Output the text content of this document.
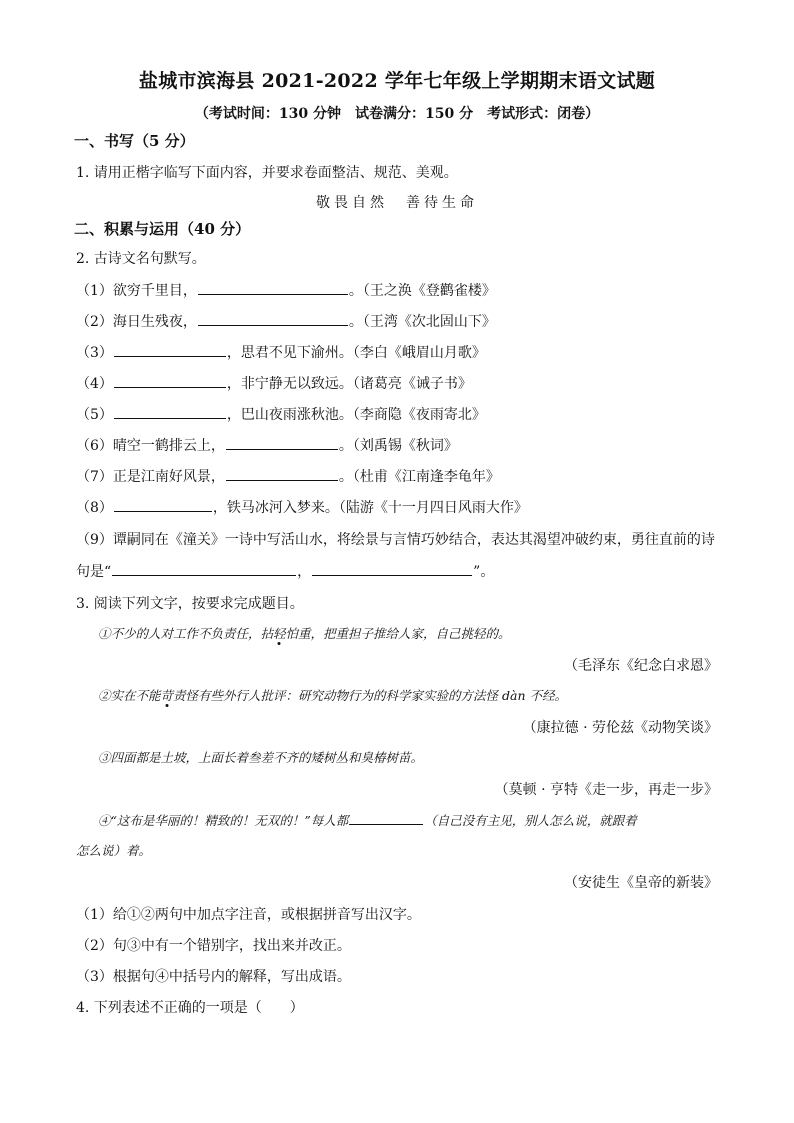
盐城市滨海县 2021-2022 学年七年级上学期期末语文试题
（考试时间：130 分钟　试卷满分：150 分　考试形式：闭卷）
一、书写（5 分）
1. 请用正楷字临写下面内容，并要求卷面整洁、规范、美观。
敬畏自然　善待生命
二、积累与运用（40 分）
2. 古诗文名句默写。
（1）欲穷千里目，	。（王之涣《登鹳雀楼》
（2）海日生残夜，	。（王湾《次北固山下》
（3）	，思君不见下渝州。（李白《峨眉山月歌》
（4）	，非宁静无以致远。（诸葛亮《诫子书》
（5）	，巴山夜雨涨秋池。（李商隐《夜雨寄北》
（6）晴空一鹤排云上，	。（刘禹锡《秋词》
（7）正是江南好风景，	。（杜甫《江南逢李龟年》
（8）	，铁马冰河入梦来。（陆游《十一月四日风雨大作》
（9）谭嗣同在《潼关》一诗中写活山水，将绘景与言情巧妙结合，表达其渴望冲破约束，勇往直前的诗
句是“	，	”。
3. 阅读下列文字，按要求完成题目。
①不少的人对工作不负责任，拈轻怕重，把重担子推给人家，自己挑轻的。
（毛泽东《纪念白求恩》
②实在不能苛责怪有些外行人批评：研究动物行为的科学家实验的方法怪 dàn 不经。
（康拉德 · 劳伦兹《动物笑谈》
③四面都是土坡，上面长着叁差不齐的矮树丛和臭椿树苗。
（莫顿 · 亨特《走一步，再走一步》
④“这布是华丽的！精致的！无双的！”每人都	（自己没有主见，别人怎么说，就跟着
怎么说）着。
（安徒生《皇帝的新装》
（1）给①②两句中加点字注音，或根据拼音写出汉字。
（2）句③中有一个错别字，找出来并改正。
（3）根据句④中括号内的解释，写出成语。
4. 下列表述不正确的一项是（　　）
